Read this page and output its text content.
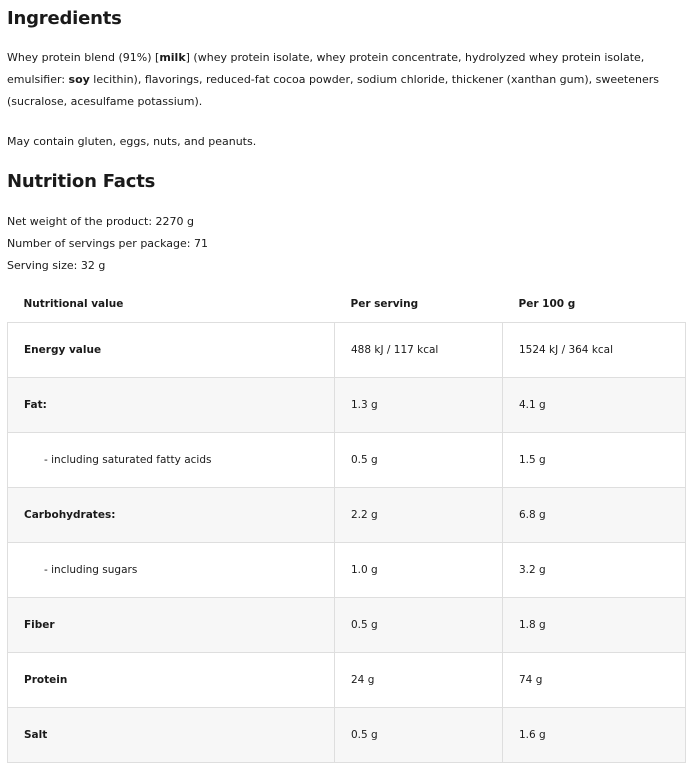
Ingredients

Whey protein blend (91%) [milk] (whey protein isolate, whey protein concentrate, hydrolyzed whey protein isolate, emulsifier: soy lecithin), flavorings, reduced-fat cocoa powder, sodium chloride, thickener (xanthan gum), sweeteners (sucralose, acesulfame potassium).

May contain gluten, eggs, nuts, and peanuts.

Nutrition Facts

Net weight of the product: 2270 g

Number of servings per package: 71

Serving size: 32 g

Nutritional value	Per serving	Per 100 g
Energy value	488 kJ / 117 kcal	1524 kJ / 364 kcal
Fat:	1.3 g	4.1 g
- including saturated fatty acids	0.5 g	1.5 g
Carbohydrates:	2.2 g	6.8 g
- including sugars	1.0 g	3.2 g
Fiber	0.5 g	1.8 g
Protein	24 g	74 g
Salt	0.5 g	1.6 g
